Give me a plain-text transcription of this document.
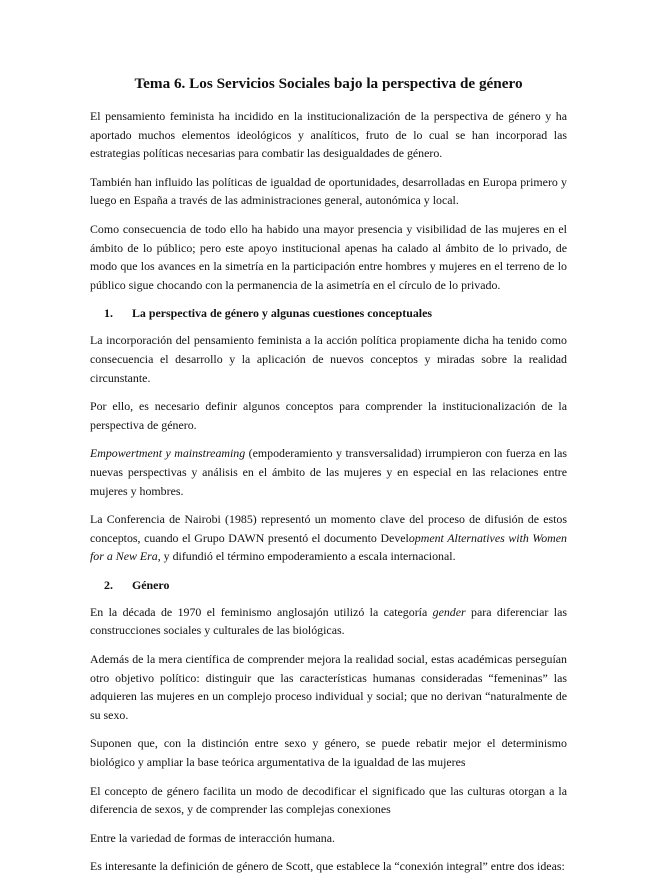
Tema 6. Los Servicios Sociales bajo la perspectiva de género

El pensamiento feminista ha incidido en la institucionalización de la perspectiva de género y ha aportado muchos elementos ideológicos y analíticos, fruto de lo cual se han incorporad las estrategias políticas necesarias para combatir las desigualdades de género.

También han influido las políticas de igualdad de oportunidades, desarrolladas en Europa primero y luego en España a través de las administraciones general, autonómica y local.

Como consecuencia de todo ello ha habido una mayor presencia y visibilidad de las mujeres en el ámbito de lo público; pero este apoyo institucional apenas ha calado al ámbito de lo privado, de modo que los avances en la simetría en la participación entre hombres y mujeres en el terreno de lo público sigue chocando con la permanencia de la asimetría en el círculo de lo privado.

1. La perspectiva de género y algunas cuestiones conceptuales

La incorporación del pensamiento feminista a la acción política propiamente dicha ha tenido como consecuencia el desarrollo y la aplicación de nuevos conceptos y miradas sobre la realidad circunstante.

Por ello, es necesario definir algunos conceptos para comprender la institucionalización de la perspectiva de género.

Empowertment y mainstreaming (empoderamiento y transversalidad) irrumpieron con fuerza en las nuevas perspectivas y análisis en el ámbito de las mujeres y en especial en las relaciones entre mujeres y hombres.

La Conferencia de Nairobi (1985) representó un momento clave del proceso de difusión de estos conceptos, cuando el Grupo DAWN presentó el documento Development Alternatives with Women for a New Era, y difundió el término empoderamiento a escala internacional.

2. Género

En la década de 1970 el feminismo anglosajón utilizó la categoría gender para diferenciar las construcciones sociales y culturales de las biológicas.

Además de la mera científica de comprender mejora la realidad social, estas académicas perseguían otro objetivo político: distinguir que las características humanas consideradas “femeninas” las adquieren las mujeres en un complejo proceso individual y social; que no derivan “naturalmente de su sexo.

Suponen que, con la distinción entre sexo y género, se puede rebatir mejor el determinismo biológico y ampliar la base teórica argumentativa de la igualdad de las mujeres

El concepto de género facilita un modo de decodificar el significado que las culturas otorgan a la diferencia de sexos, y de comprender las complejas conexiones

Entre la variedad de formas de interacción humana.

Es interesante la definición de género de Scott, que establece la “conexión integral” entre dos ideas:
